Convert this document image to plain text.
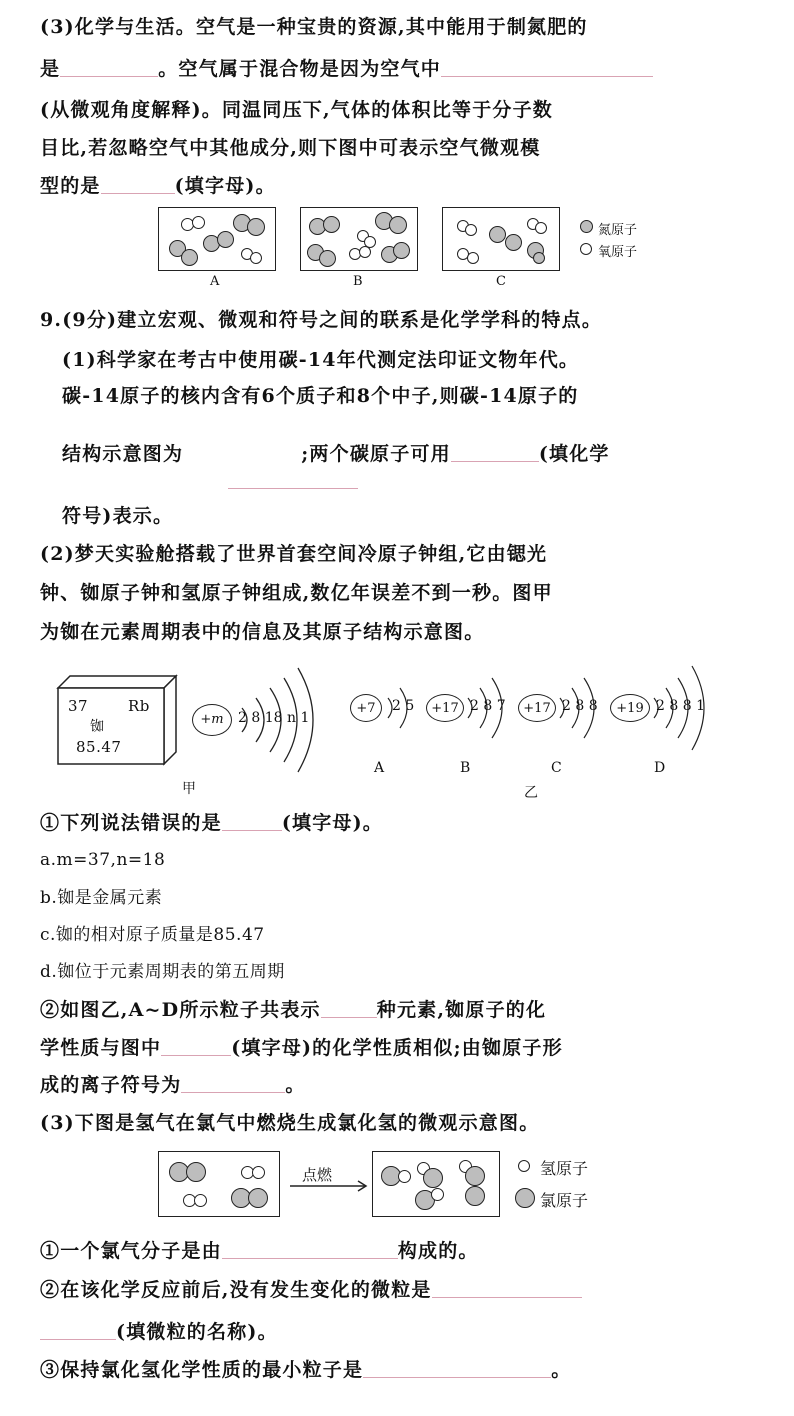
(3)化学与生活。空气是一种宝贵的资源,其中能用于制氮肥的
是	。空气属于混合物是因为空气中
(从微观角度解释)。同温同压下,气体的体积比等于分子数
目比,若忽略空气中其他成分,则下图中可表示空气微观模
型的是	(填字母)。
A	B	C
氮原子
氧原子
9.(9分)建立宏观、微观和符号之间的联系是化学学科的特点。
(1)科学家在考古中使用碳-14年代测定法印证文物年代。
碳-14原子的核内含有6个质子和8个中子,则碳-14原子的
结构示意图为	;两个碳原子可用	(填化学
符号)表示。
(2)梦天实验舱搭载了世界首套空间冷原子钟组,它由锶光
钟、铷原子钟和氢原子钟组成,数亿年误差不到一秒。图甲
为铷在元素周期表中的信息及其原子结构示意图。
37	Rb
铷
85.47
+m	2 8 18 n 1
甲
+7	2 5
A
+17 2 8 7
B
+17 2 8 8
C
+19 2 8 8 1
D
乙
①下列说法错误的是	(填字母)。
a.m=37,n=18
b.铷是金属元素
c.铷的相对原子质量是85.47
d.铷位于元素周期表的第五周期
②如图乙,A~D所示粒子共表示	种元素,铷原子的化
学性质与图中	(填字母)的化学性质相似;由铷原子形
成的离子符号为	。
(3)下图是氢气在氯气中燃烧生成氯化氢的微观示意图。
点燃	氢原子
氯原子
①一个氯气分子是由	构成的。
②在该化学反应前后,没有发生变化的微粒是
(填微粒的名称)。
③保持氯化氢化学性质的最小粒子是	。
